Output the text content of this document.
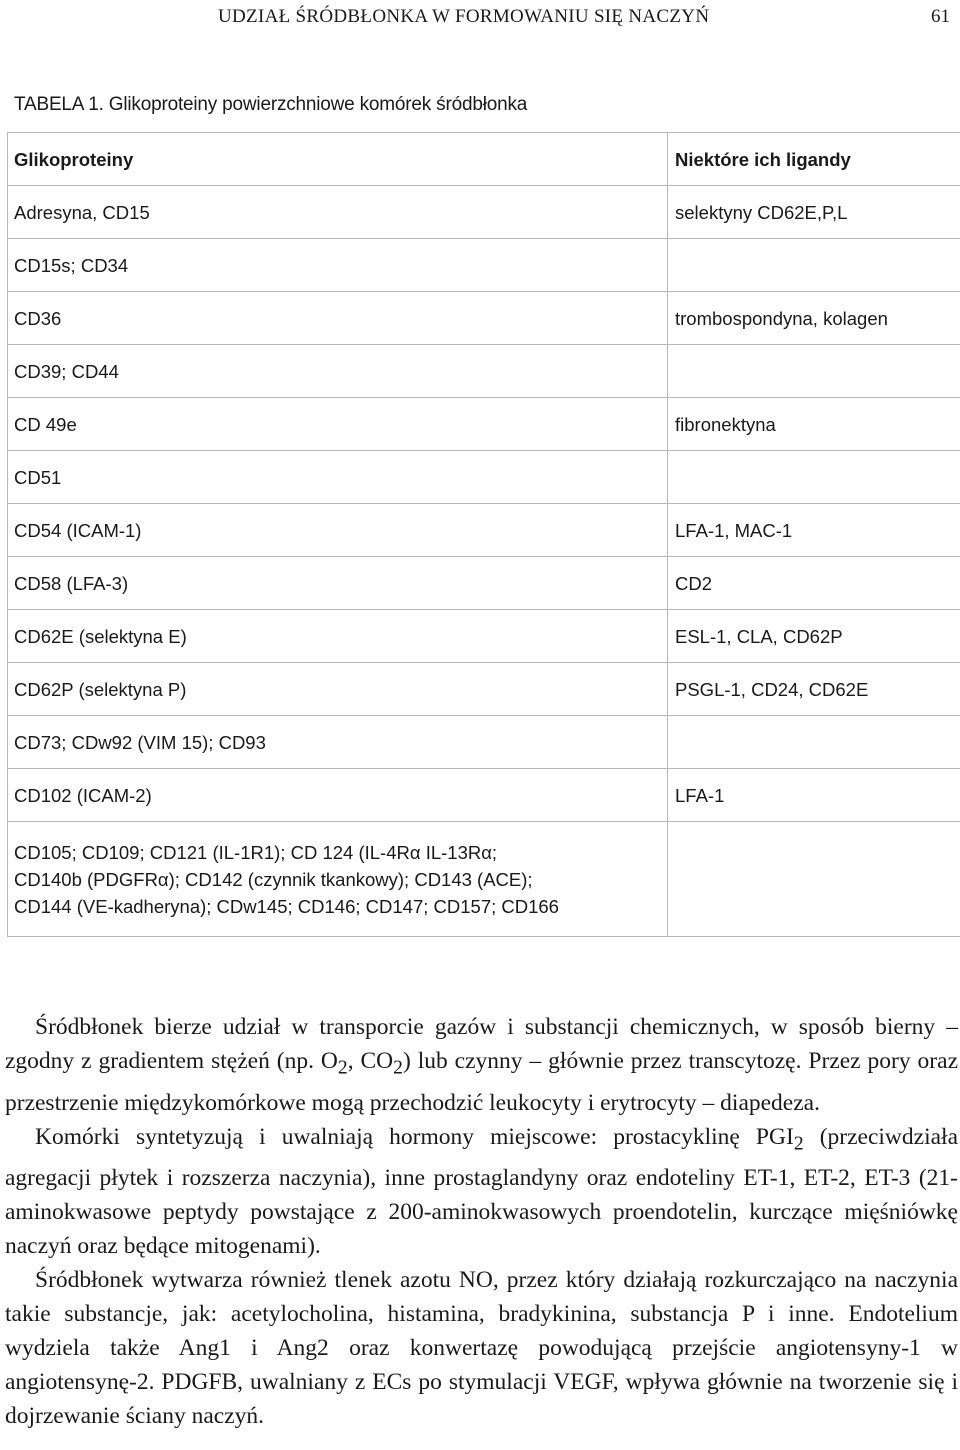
UDZIAŁ ŚRÓDBŁONKA W FORMOWANIU SIĘ NACZYŃ	61
TABELA 1. Glikoproteiny powierzchniowe komórek śródbłonka
Glikoproteiny	Niektóre ich ligandy
Adresyna, CD15	selektyny CD62E,P,L
CD15s; CD34	
CD36	trombospondyna, kolagen
CD39; CD44	
CD 49e	fibronektyna
CD51	
CD54 (ICAM-1)	LFA-1, MAC-1
CD58 (LFA-3)	CD2
CD62E (selektyna E)	ESL-1, CLA, CD62P
CD62P (selektyna P)	PSGL-1, CD24, CD62E
CD73; CDw92 (VIM 15); CD93	
CD102 (ICAM-2)	LFA-1

CD105; CD109; CD121 (IL-1R1); CD 124 (IL-4Rα IL-13Rα;
CD140b (PDGFRα); CD142 (czynnik tkankowy); CD143 (ACE);
CD144 (VE-kadheryna); CDw145; CD146; CD147; CD157; CD166	

Śródbłonek bierze udział w transporcie gazów i substancji chemicznych, w sposób bierny – zgodny z gradientem stężeń (np. $O_2$, $CO_2$) lub czynny – głównie przez transcytozę. Przez pory oraz przestrzenie międzykomórkowe mogą przechodzić leukocyty i erytrocyty – diapedeza.

Komórki syntetyzują i uwalniają hormony miejscowe: prostacyklinę $PGI_2$ (przeciwdziała agregacji płytek i rozszerza naczynia), inne prostaglandyny oraz endoteliny ET-1, ET-2, ET-3 (21-aminokwasowe peptydy powstające z 200-aminokwasowych proendotelin, kurczące mięśniówkę naczyń oraz będące mitogenami).

Śródbłonek wytwarza również tlenek azotu NO, przez który działają rozkurczająco na naczynia takie substancje, jak: acetylocholina, histamina, bradykinina, substancja P i inne. Endotelium wydziela także Ang1 i Ang2 oraz konwertazę powodującą przejście angiotensyny-1 w angiotensynę-2. PDGFB, uwalniany z ECs po stymulacji VEGF, wpływa głównie na tworzenie się i dojrzewanie ściany naczyń.
